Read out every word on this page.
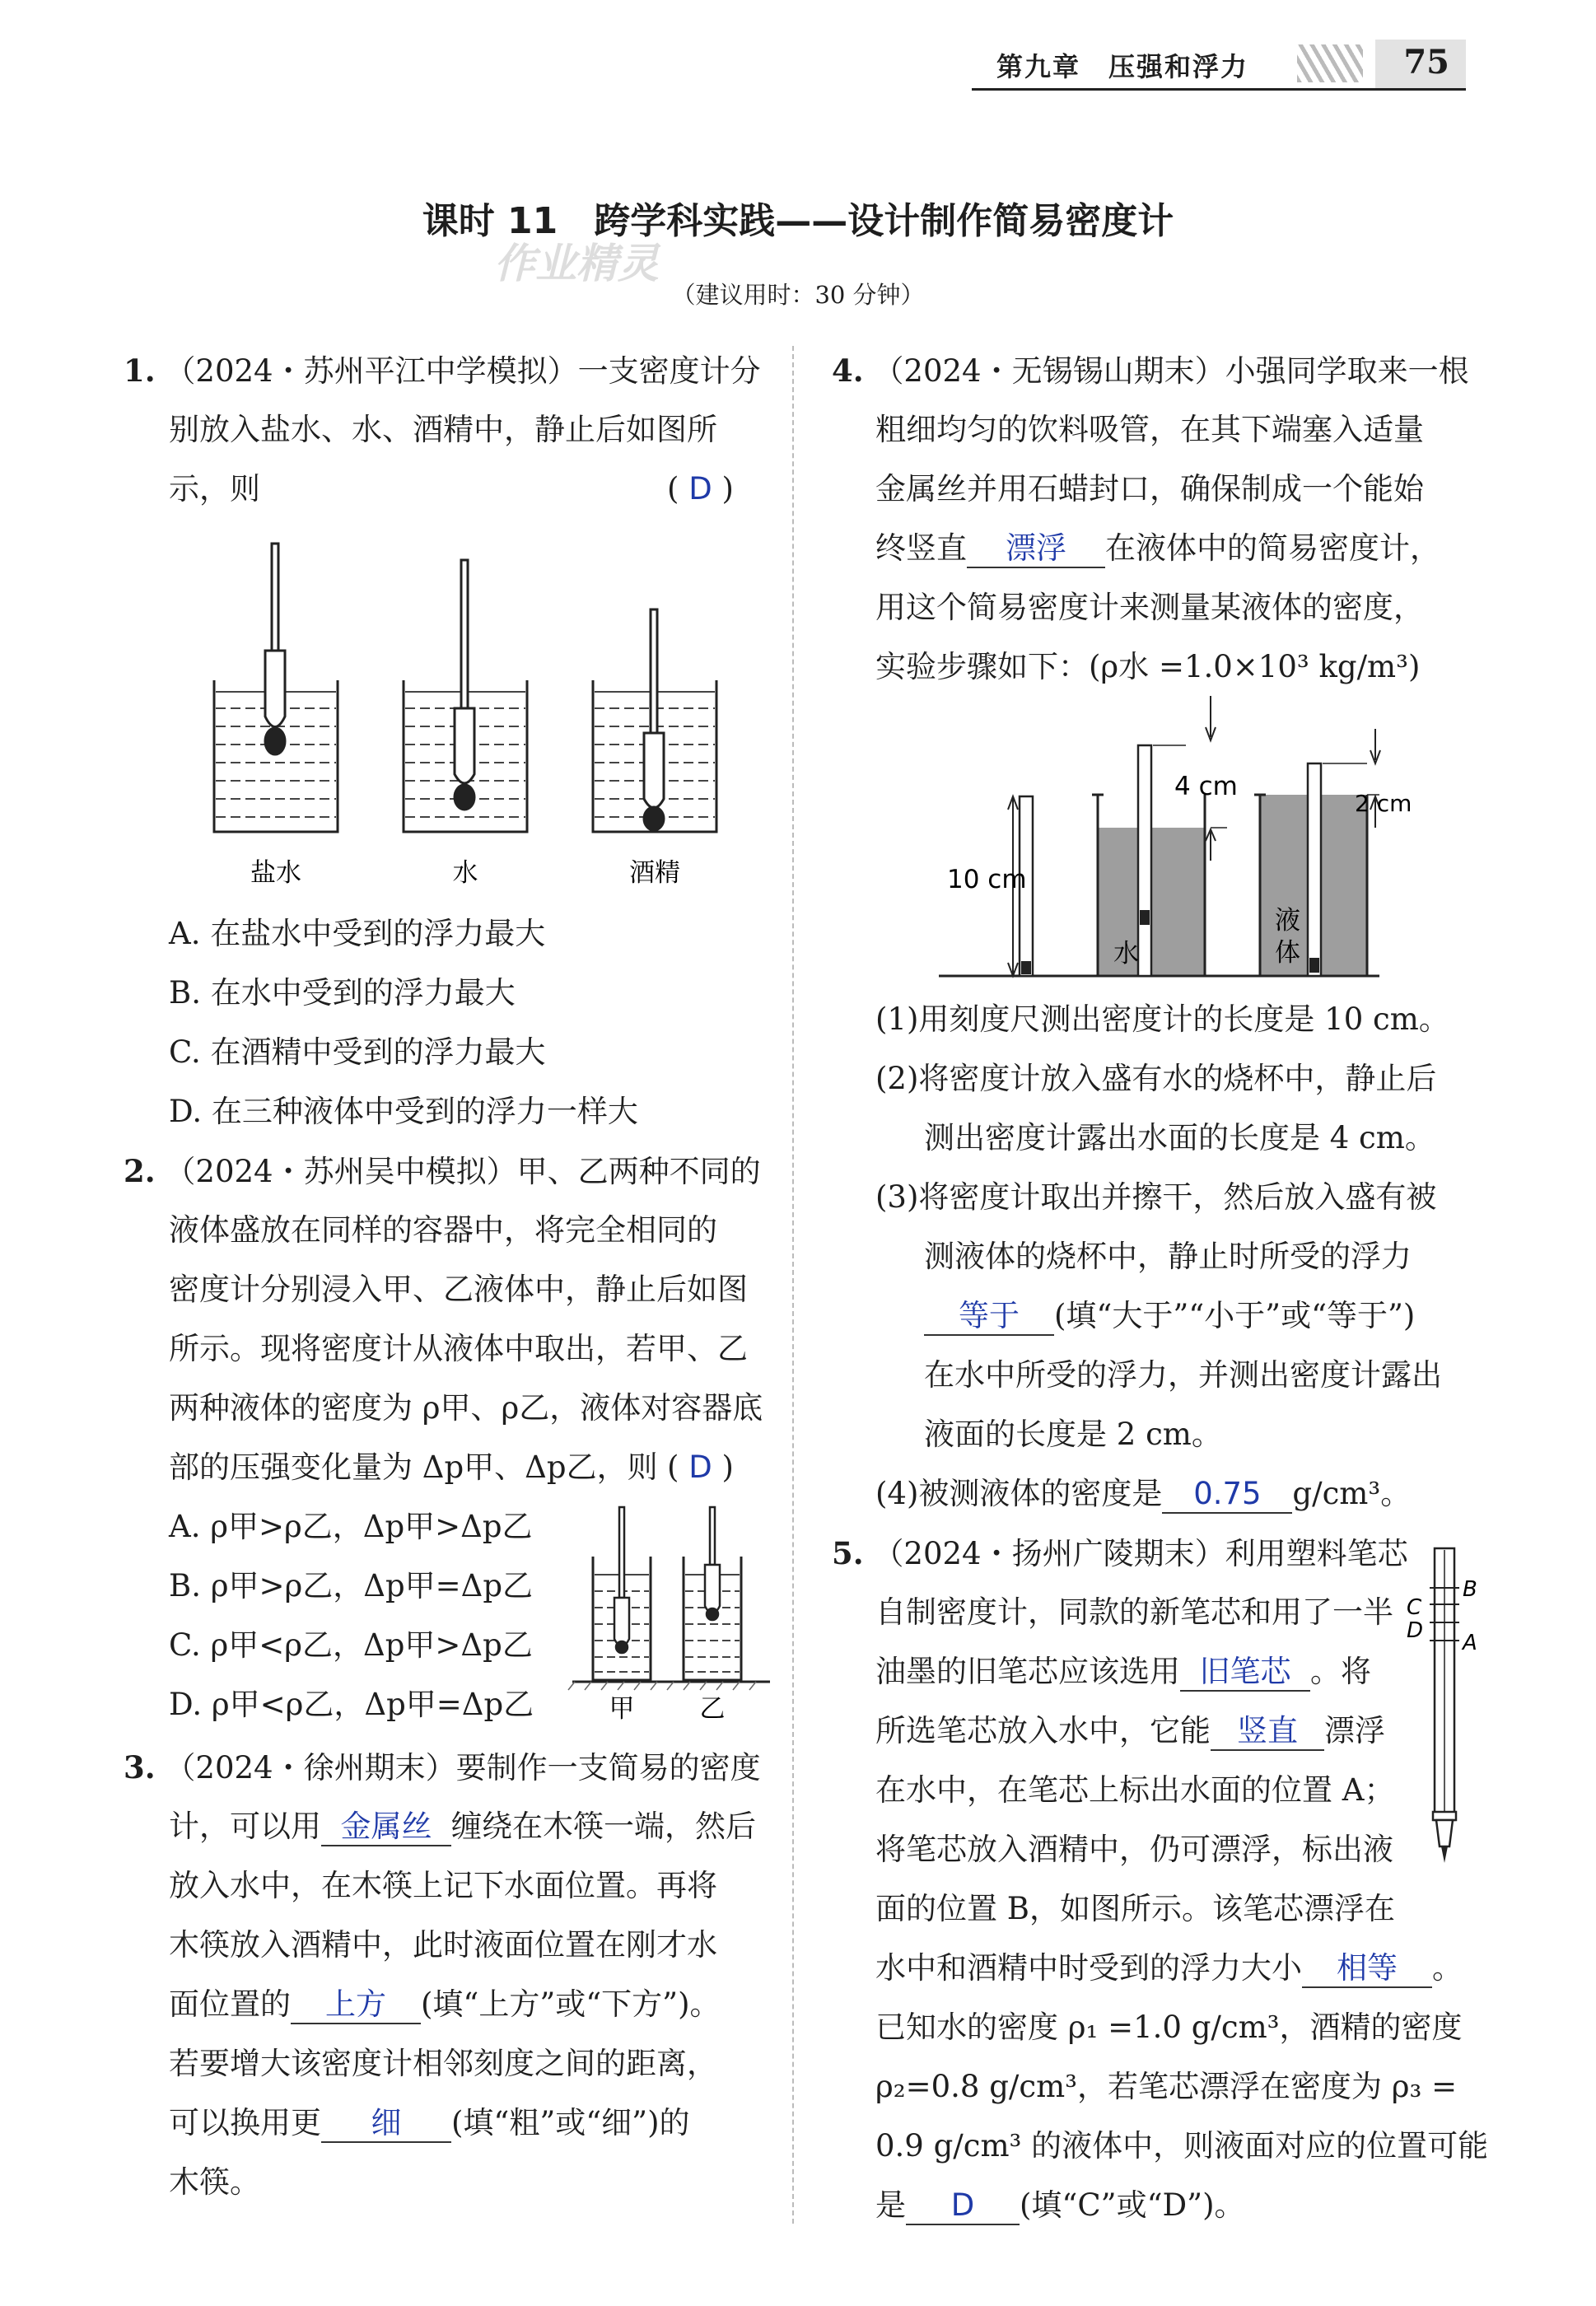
第九章　压强和浮力	75
课时 11　跨学科实践——设计制作简易密度计
（建议用时：30 分钟）
作业精灵
1. （2024・苏州平江中学模拟）一支密度计分
别放入盐水、水、酒精中，静止后如图所
示，则	( D )
盐水	水	酒精
A. 在盐水中受到的浮力最大
B. 在水中受到的浮力最大
C. 在酒精中受到的浮力最大
D. 在三种液体中受到的浮力一样大
2. （2024・苏州吴中模拟）甲、乙两种不同的
液体盛放在同样的容器中，将完全相同的
密度计分别浸入甲、乙液体中，静止后如图
所示。现将密度计从液体中取出，若甲、乙
两种液体的密度为 ρ甲、ρ乙，液体对容器底
部的压强变化量为 Δp甲、Δp乙，则 ( D )
A. ρ甲>ρ乙，Δp甲>Δp乙
B. ρ甲>ρ乙，Δp甲=Δp乙
C. ρ甲<ρ乙，Δp甲>Δp乙
D. ρ甲<ρ乙，Δp甲=Δp乙	甲	乙
3. （2024・徐州期末）要制作一支简易的密度
计，可以用 金属丝 缠绕在木筷一端，然后
放入水中，在木筷上记下水面位置。再将
木筷放入酒精中，此时液面位置在刚才水
面位置的 上方 (填“上方”或“下方”)。
若要增大该密度计相邻刻度之间的距离，
可以换用更 细 (填“粗”或“细”)的
木筷。
4. （2024・无锡锡山期末）小强同学取来一根
粗细均匀的饮料吸管，在其下端塞入适量
金属丝并用石蜡封口，确保制成一个能始
终竖直 漂浮 在液体中的简易密度计，
用这个简易密度计来测量某液体的密度，
实验步骤如下：(ρ水 =1.0×10³ kg/m³)
10 cm
4 cm
水
液
体
2 cm
(1)用刻度尺测出密度计的长度是 10 cm。
(2)将密度计放入盛有水的烧杯中，静止后
测出密度计露出水面的长度是 4 cm。
(3)将密度计取出并擦干，然后放入盛有被
测液体的烧杯中，静止时所受的浮力
等于 (填“大于”“小于”或“等于”)
在水中所受的浮力，并测出密度计露出
液面的长度是 2 cm。
(4)被测液体的密度是 0.75 g/cm³。
5. （2024・扬州广陵期末）利用塑料笔芯
自制密度计，同款的新笔芯和用了一半
油墨的旧笔芯应该选用 旧笔芯 。将
所选笔芯放入水中，它能 竖直 漂浮
在水中，在笔芯上标出水面的位置 A；
将笔芯放入酒精中，仍可漂浮，标出液
面的位置 B，如图所示。该笔芯漂浮在
水中和酒精中时受到的浮力大小 相等 。
已知水的密度 ρ₁ =1.0 g/cm³，酒精的密度
ρ₂=0.8 g/cm³，若笔芯漂浮在密度为 ρ₃ =
0.9 g/cm³ 的液体中，则液面对应的位置可能
是 D (填“C”或“D”)。
B
C
D A
